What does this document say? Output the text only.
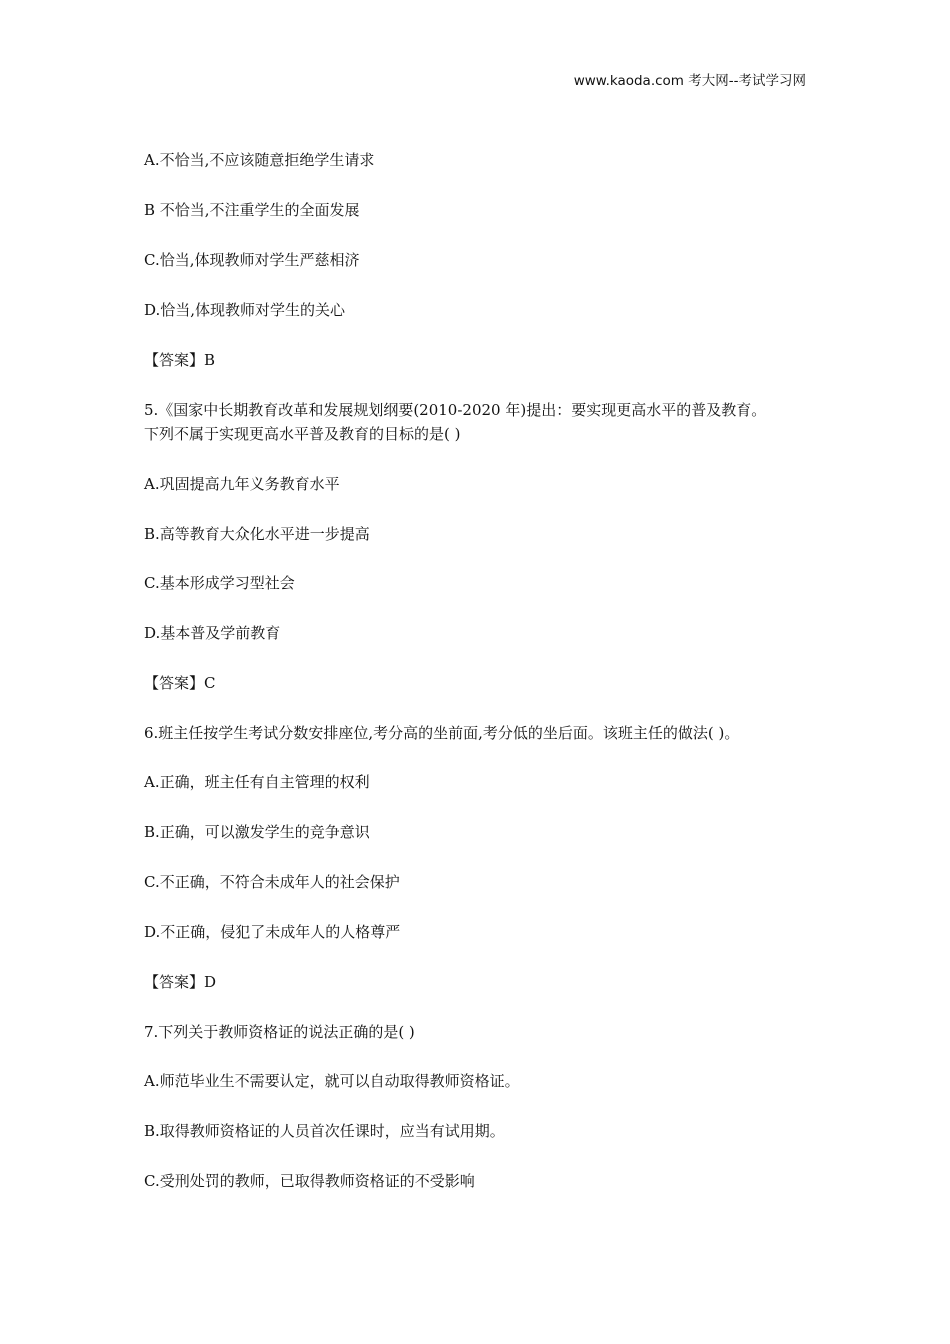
www.kaoda.com 考大网--考试学习网
A.不恰当,不应该随意拒绝学生请求
B 不恰当,不注重学生的全面发展
C.恰当,体现教师对学生严慈相济
D.恰当,体现教师对学生的关心
【答案】B
5.《国家中长期教育改革和发展规划纲要(2010-2020 年)提出：要实现更高水平的普及教育。
下列不属于实现更高水平普及教育的目标的是( )
A.巩固提高九年义务教育水平
B.高等教育大众化水平进一步提高
C.基本形成学习型社会
D.基本普及学前教育
【答案】C
6.班主任按学生考试分数安排座位,考分高的坐前面,考分低的坐后面。该班主任的做法( )。
A.正确，班主任有自主管理的权利
B.正确，可以激发学生的竞争意识
C.不正确，不符合未成年人的社会保护
D.不正确，侵犯了未成年人的人格尊严
【答案】D
7.下列关于教师资格证的说法正确的是( )
A.师范毕业生不需要认定，就可以自动取得教师资格证。
B.取得教师资格证的人员首次任课时，应当有试用期。
C.受刑处罚的教师，已取得教师资格证的不受影响
